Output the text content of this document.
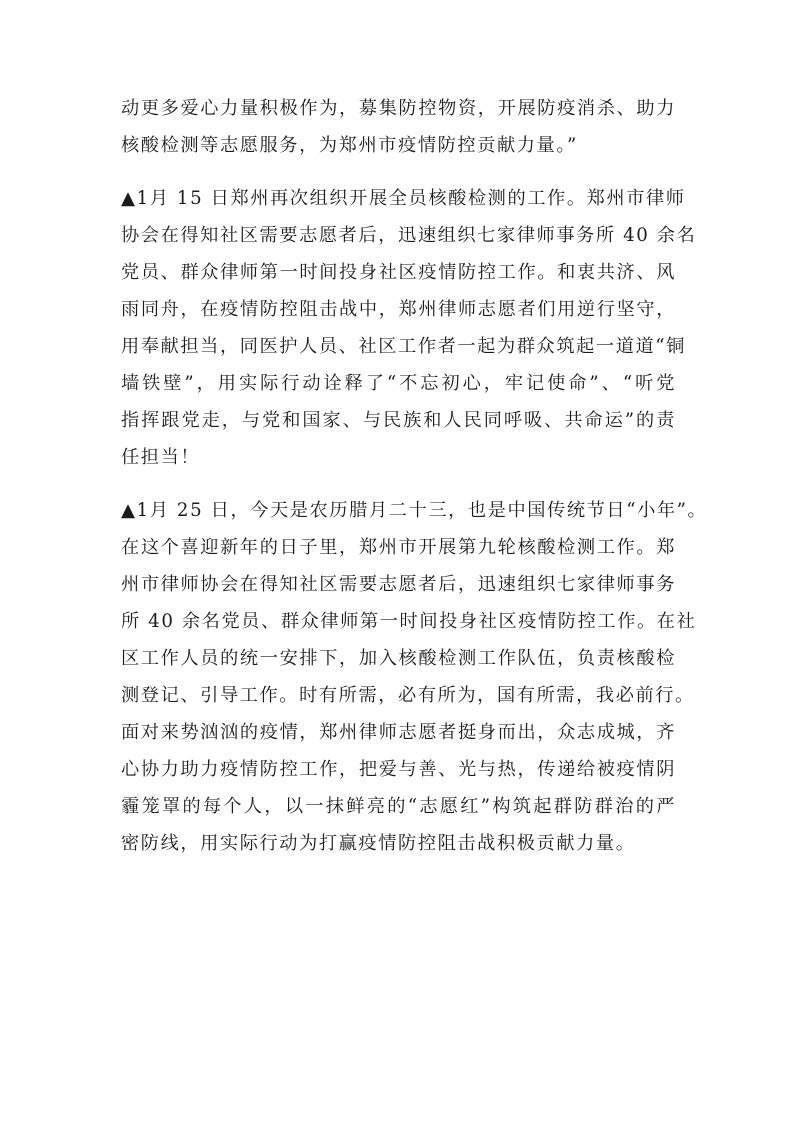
动更多爱心力量积极作为，募集防控物资，开展防疫消杀、助力
核酸检测等志愿服务，为郑州市疫情防控贡献力量。”

▲1月 15 日郑州再次组织开展全员核酸检测的工作。郑州市律师
协会在得知社区需要志愿者后，迅速组织七家律师事务所 40 余名
党员、群众律师第一时间投身社区疫情防控工作。和衷共济、风
雨同舟，在疫情防控阻击战中，郑州律师志愿者们用逆行坚守，
用奉献担当，同医护人员、社区工作者一起为群众筑起一道道“铜
墙铁壁”，用实际行动诠释了“不忘初心，牢记使命”、“听党
指挥跟党走，与党和国家、与民族和人民同呼吸、共命运”的责
任担当！

▲1月 25 日，今天是农历腊月二十三，也是中国传统节日“小年”。
在这个喜迎新年的日子里，郑州市开展第九轮核酸检测工作。郑
州市律师协会在得知社区需要志愿者后，迅速组织七家律师事务
所 40 余名党员、群众律师第一时间投身社区疫情防控工作。在社
区工作人员的统一安排下，加入核酸检测工作队伍，负责核酸检
测登记、引导工作。时有所需，必有所为，国有所需，我必前行。
面对来势汹汹的疫情，郑州律师志愿者挺身而出，众志成城，齐
心协力助力疫情防控工作，把爱与善、光与热，传递给被疫情阴
霾笼罩的每个人，以一抹鲜亮的“志愿红”构筑起群防群治的严
密防线，用实际行动为打赢疫情防控阻击战积极贡献力量。
